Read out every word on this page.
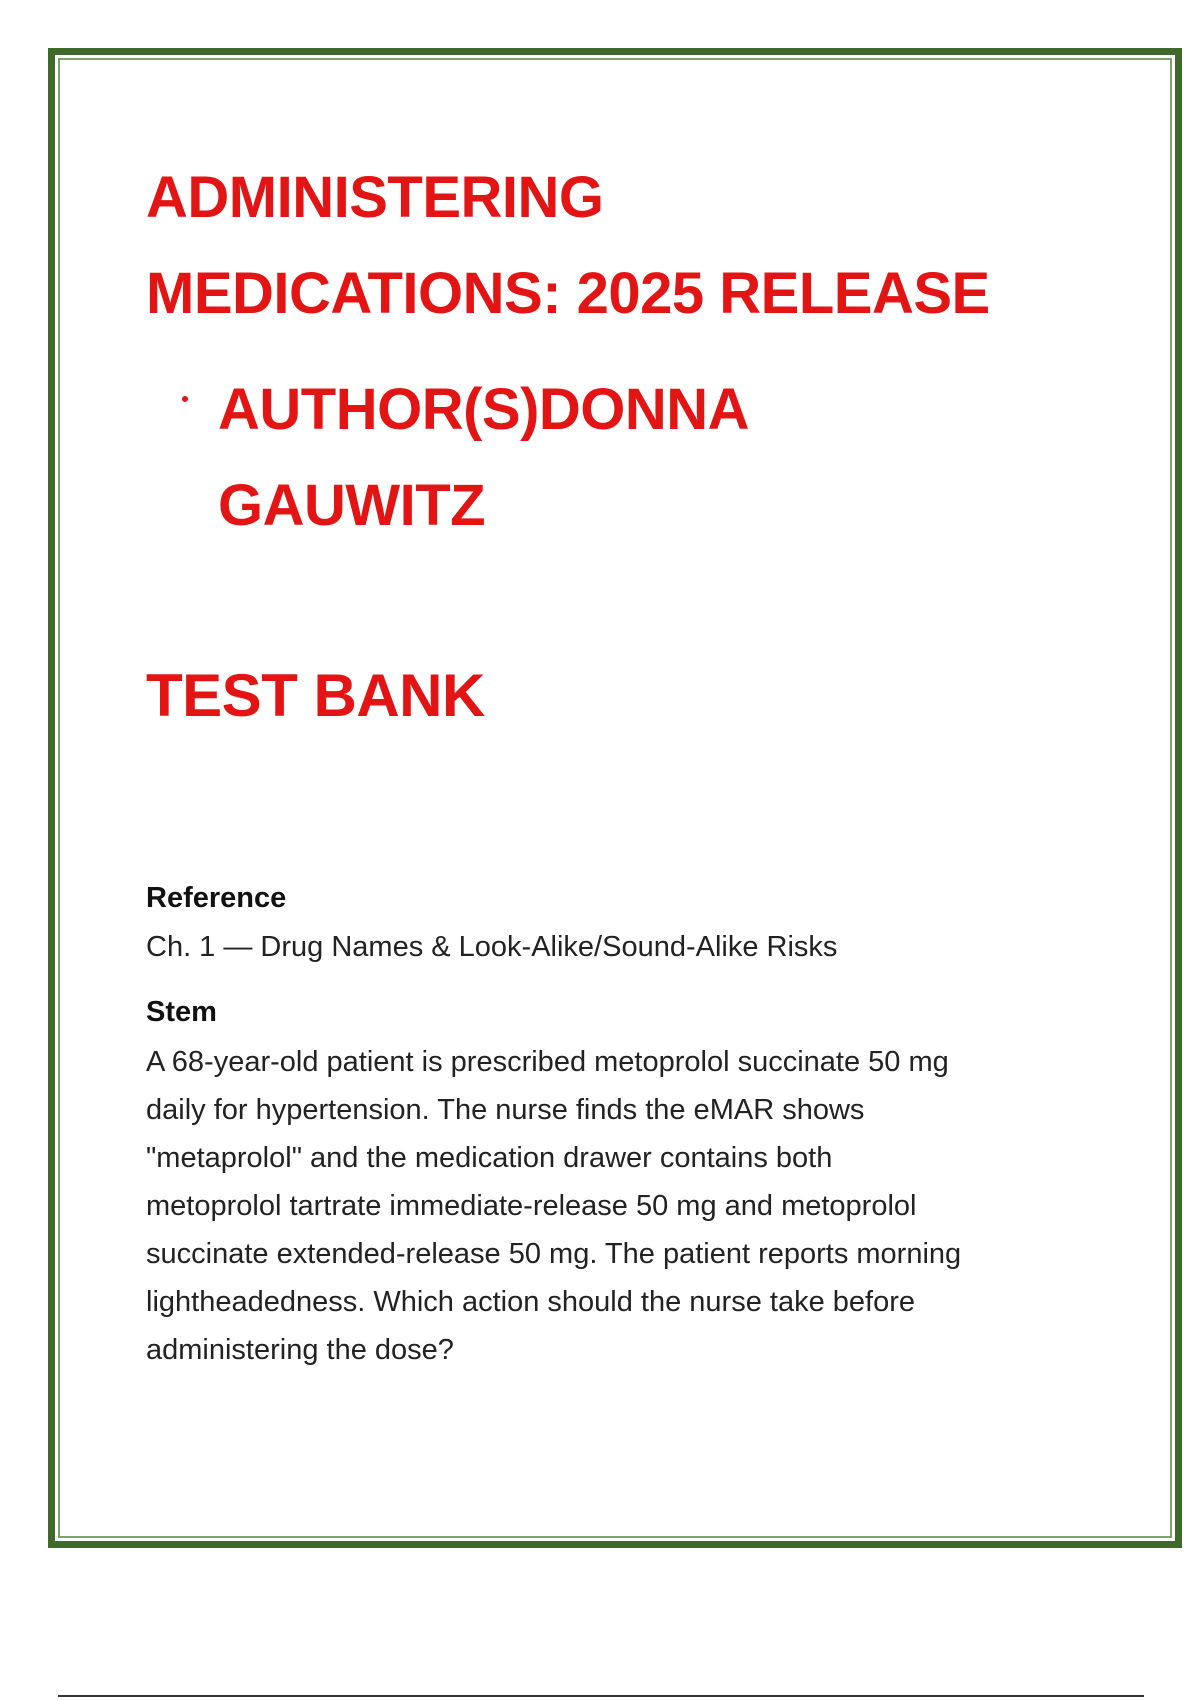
ADMINISTERING
MEDICATIONS: 2025 RELEASE
AUTHOR(S)DONNA
GAUWITZ
TEST BANK

Reference

Ch. 1 — Drug Names & Look-Alike/Sound-Alike Risks

Stem

A 68-year-old patient is prescribed metoprolol succinate 50 mg
daily for hypertension. The nurse finds the eMAR shows
"metaprolol" and the medication drawer contains both
metoprolol tartrate immediate-release 50 mg and metoprolol
succinate extended-release 50 mg. The patient reports morning
lightheadedness. Which action should the nurse take before
administering the dose?
